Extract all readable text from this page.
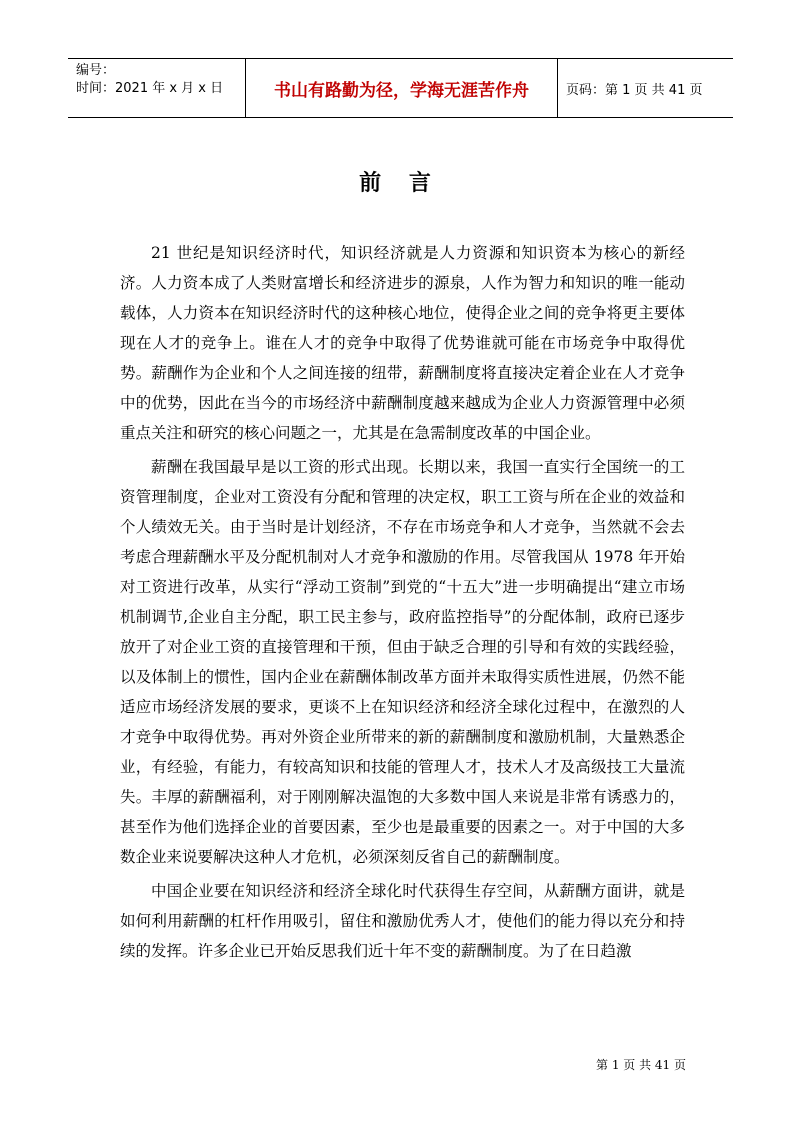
编号：
时间：2021 年 x 月 x 日	书山有路勤为径，学海无涯苦作舟	页码：第 1 页 共 41 页
前 言

21 世纪是知识经济时代，知识经济就是人力资源和知识资本为核心的新经济。人力资本成了人类财富增长和经济进步的源泉，人作为智力和知识的唯一能动载体，人力资本在知识经济时代的这种核心地位，使得企业之间的竞争将更主要体现在人才的竞争上。谁在人才的竞争中取得了优势谁就可能在市场竞争中取得优势。薪酬作为企业和个人之间连接的纽带，薪酬制度将直接决定着企业在人才竞争中的优势，因此在当今的市场经济中薪酬制度越来越成为企业人力资源管理中必须重点关注和研究的核心问题之一，尤其是在急需制度改革的中国企业。

薪酬在我国最早是以工资的形式出现。长期以来，我国一直实行全国统一的工资管理制度，企业对工资没有分配和管理的决定权，职工工资与所在企业的效益和个人绩效无关。由于当时是计划经济，不存在市场竞争和人才竞争，当然就不会去考虑合理薪酬水平及分配机制对人才竞争和激励的作用。尽管我国从 1978 年开始对工资进行改革，从实行“浮动工资制”到党的“十五大”进一步明确提出“建立市场机制调节,企业自主分配，职工民主参与，政府监控指导”的分配体制，政府已逐步放开了对企业工资的直接管理和干预，但由于缺乏合理的引导和有效的实践经验，以及体制上的惯性，国内企业在薪酬体制改革方面并未取得实质性进展，仍然不能适应市场经济发展的要求，更谈不上在知识经济和经济全球化过程中，在激烈的人才竞争中取得优势。再对外资企业所带来的新的薪酬制度和激励机制，大量熟悉企业，有经验，有能力，有较高知识和技能的管理人才，技术人才及高级技工大量流失。丰厚的薪酬福利，对于刚刚解决温饱的大多数中国人来说是非常有诱惑力的，甚至作为他们选择企业的首要因素，至少也是最重要的因素之一。对于中国的大多数企业来说要解决这种人才危机，必须深刻反省自己的薪酬制度。

中国企业要在知识经济和经济全球化时代获得生存空间，从薪酬方面讲，就是如何利用薪酬的杠杆作用吸引，留住和激励优秀人才，使他们的能力得以充分和持续的发挥。许多企业已开始反思我们近十年不变的薪酬制度。为了在日趋激

第 1 页 共 41 页
